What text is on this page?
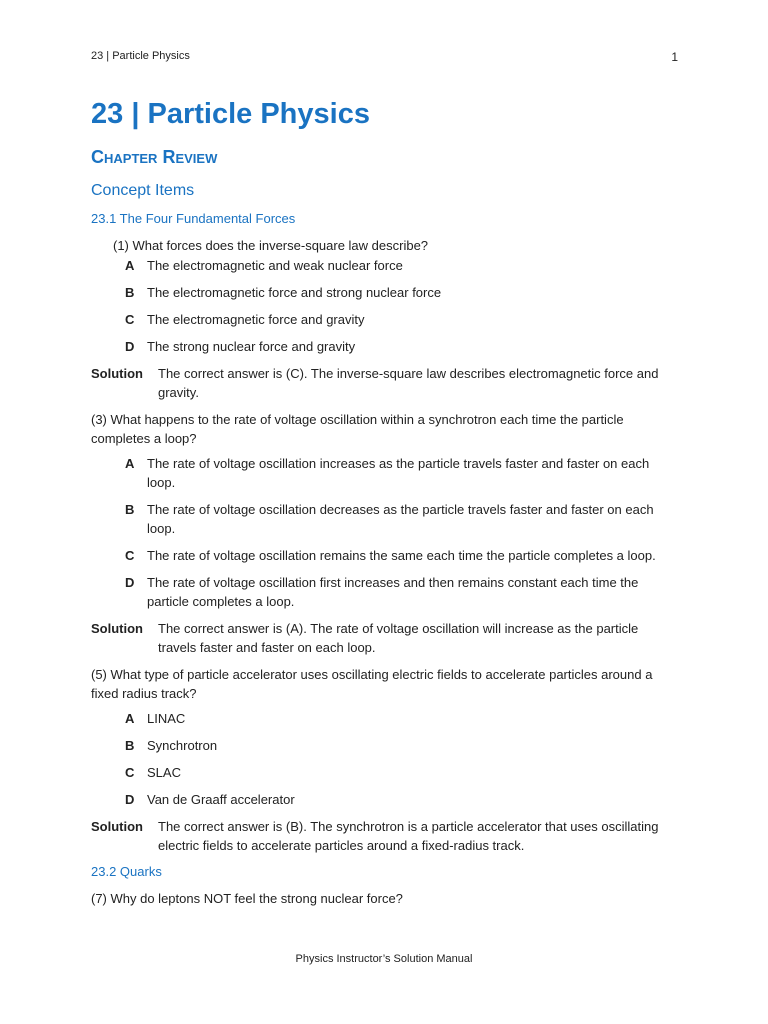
23 | Particle Physics	1
23 | Particle Physics
Chapter Review
Concept Items
23.1 The Four Fundamental Forces
(1) What forces does the inverse-square law describe?
A The electromagnetic and weak nuclear force
B The electromagnetic force and strong nuclear force
C The electromagnetic force and gravity
D The strong nuclear force and gravity
Solution The correct answer is (C). The inverse-square law describes electromagnetic force and gravity.
(3) What happens to the rate of voltage oscillation within a synchrotron each time the particle completes a loop?
A The rate of voltage oscillation increases as the particle travels faster and faster on each loop.
B The rate of voltage oscillation decreases as the particle travels faster and faster on each loop.
C The rate of voltage oscillation remains the same each time the particle completes a loop.
D The rate of voltage oscillation first increases and then remains constant each time the particle completes a loop.
Solution The correct answer is (A). The rate of voltage oscillation will increase as the particle travels faster and faster on each loop.
(5) What type of particle accelerator uses oscillating electric fields to accelerate particles around a fixed radius track?
A LINAC
B Synchrotron
C SLAC
D Van de Graaff accelerator
Solution The correct answer is (B). The synchrotron is a particle accelerator that uses oscillating electric fields to accelerate particles around a fixed-radius track.
23.2 Quarks
(7) Why do leptons NOT feel the strong nuclear force?
Physics Instructor’s Solution Manual
